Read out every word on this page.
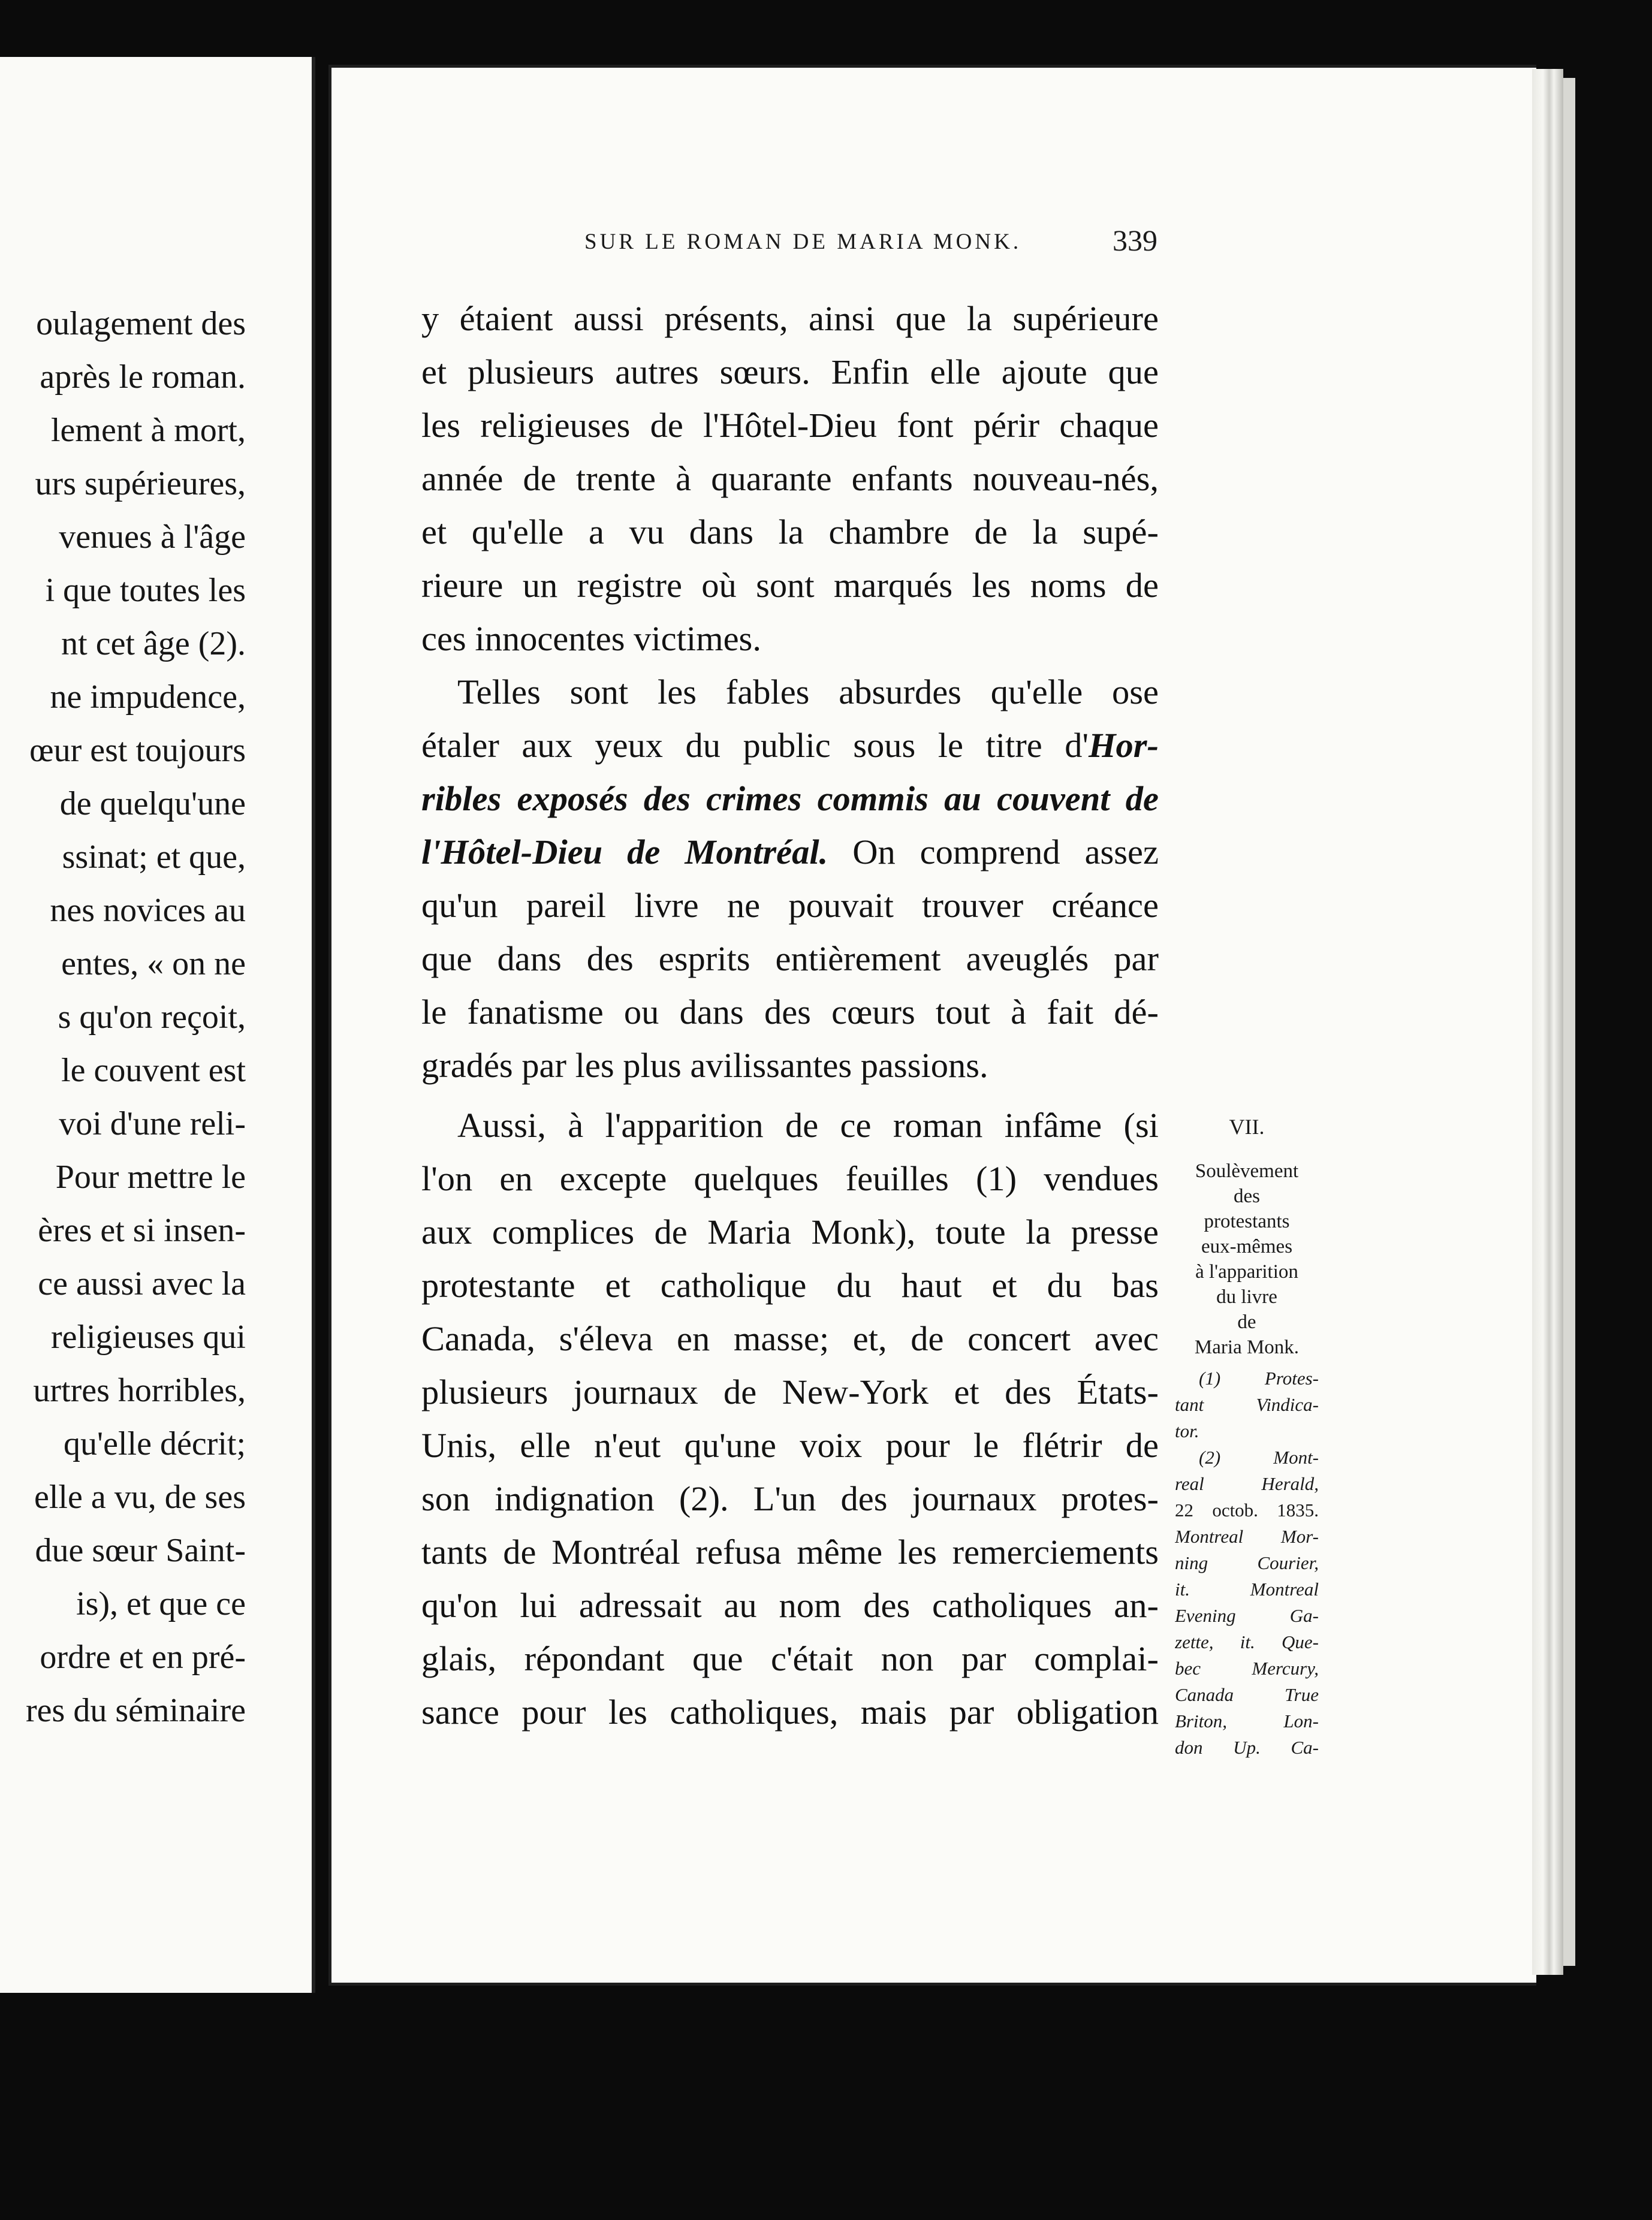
oulagement des
après le roman.
lement à mort,
urs supérieures,
venues à l'âge
i que toutes les
nt cet âge (2).
ne impudence,
œur est toujours
de quelqu'une
ssinat; et que,
nes novices au
entes, « on ne
s qu'on reçoit,
le couvent est
voi d'une reli-
Pour mettre le
ères et si insen-
ce aussi avec la
religieuses qui
urtres horribles,
qu'elle décrit;
elle a vu, de ses
due sœur Saint-
is), et que ce
ordre et en pré-
res du séminaire
SUR LE ROMAN DE MARIA MONK.	339
y étaient aussi présents, ainsi que la supérieure
et plusieurs autres sœurs. Enfin elle ajoute que
les religieuses de l'Hôtel-Dieu font périr chaque
année de trente à quarante enfants nouveau-nés,
et qu'elle a vu dans la chambre de la supé-
rieure un registre où sont marqués les noms de
ces innocentes victimes.
Telles sont les fables absurdes qu'elle ose
étaler aux yeux du public sous le titre d'Hor-
ribles exposés des crimes commis au couvent de
l'Hôtel-Dieu de Montréal. On comprend assez
qu'un pareil livre ne pouvait trouver créance
que dans des esprits entièrement aveuglés par
le fanatisme ou dans des cœurs tout à fait dé-
gradés par les plus avilissantes passions.
Aussi, à l'apparition de ce roman infâme (si
l'on en excepte quelques feuilles (1) vendues
aux complices de Maria Monk), toute la presse
protestante et catholique du haut et du bas
Canada, s'éleva en masse; et, de concert avec
plusieurs journaux de New-York et des États-
Unis, elle n'eut qu'une voix pour le flétrir de
son indignation (2). L'un des journaux protes-
tants de Montréal refusa même les remerciements
qu'on lui adressait au nom des catholiques an-
glais, répondant que c'était non par complai-
sance pour les catholiques, mais par obligation
VII.
Soulèvement
des
protestants
eux-mêmes
à l'apparition
du livre
de
Maria Monk.
(1) Protes-
tant Vindica-
tor.
(2) Mont-
real Herald,
22 octob. 1835.
Montreal Mor-
ning Courier,
it. Montreal
Evening Ga-
zette, it. Que-
bec Mercury,
Canada True
Briton, Lon-
don Up. Ca-
